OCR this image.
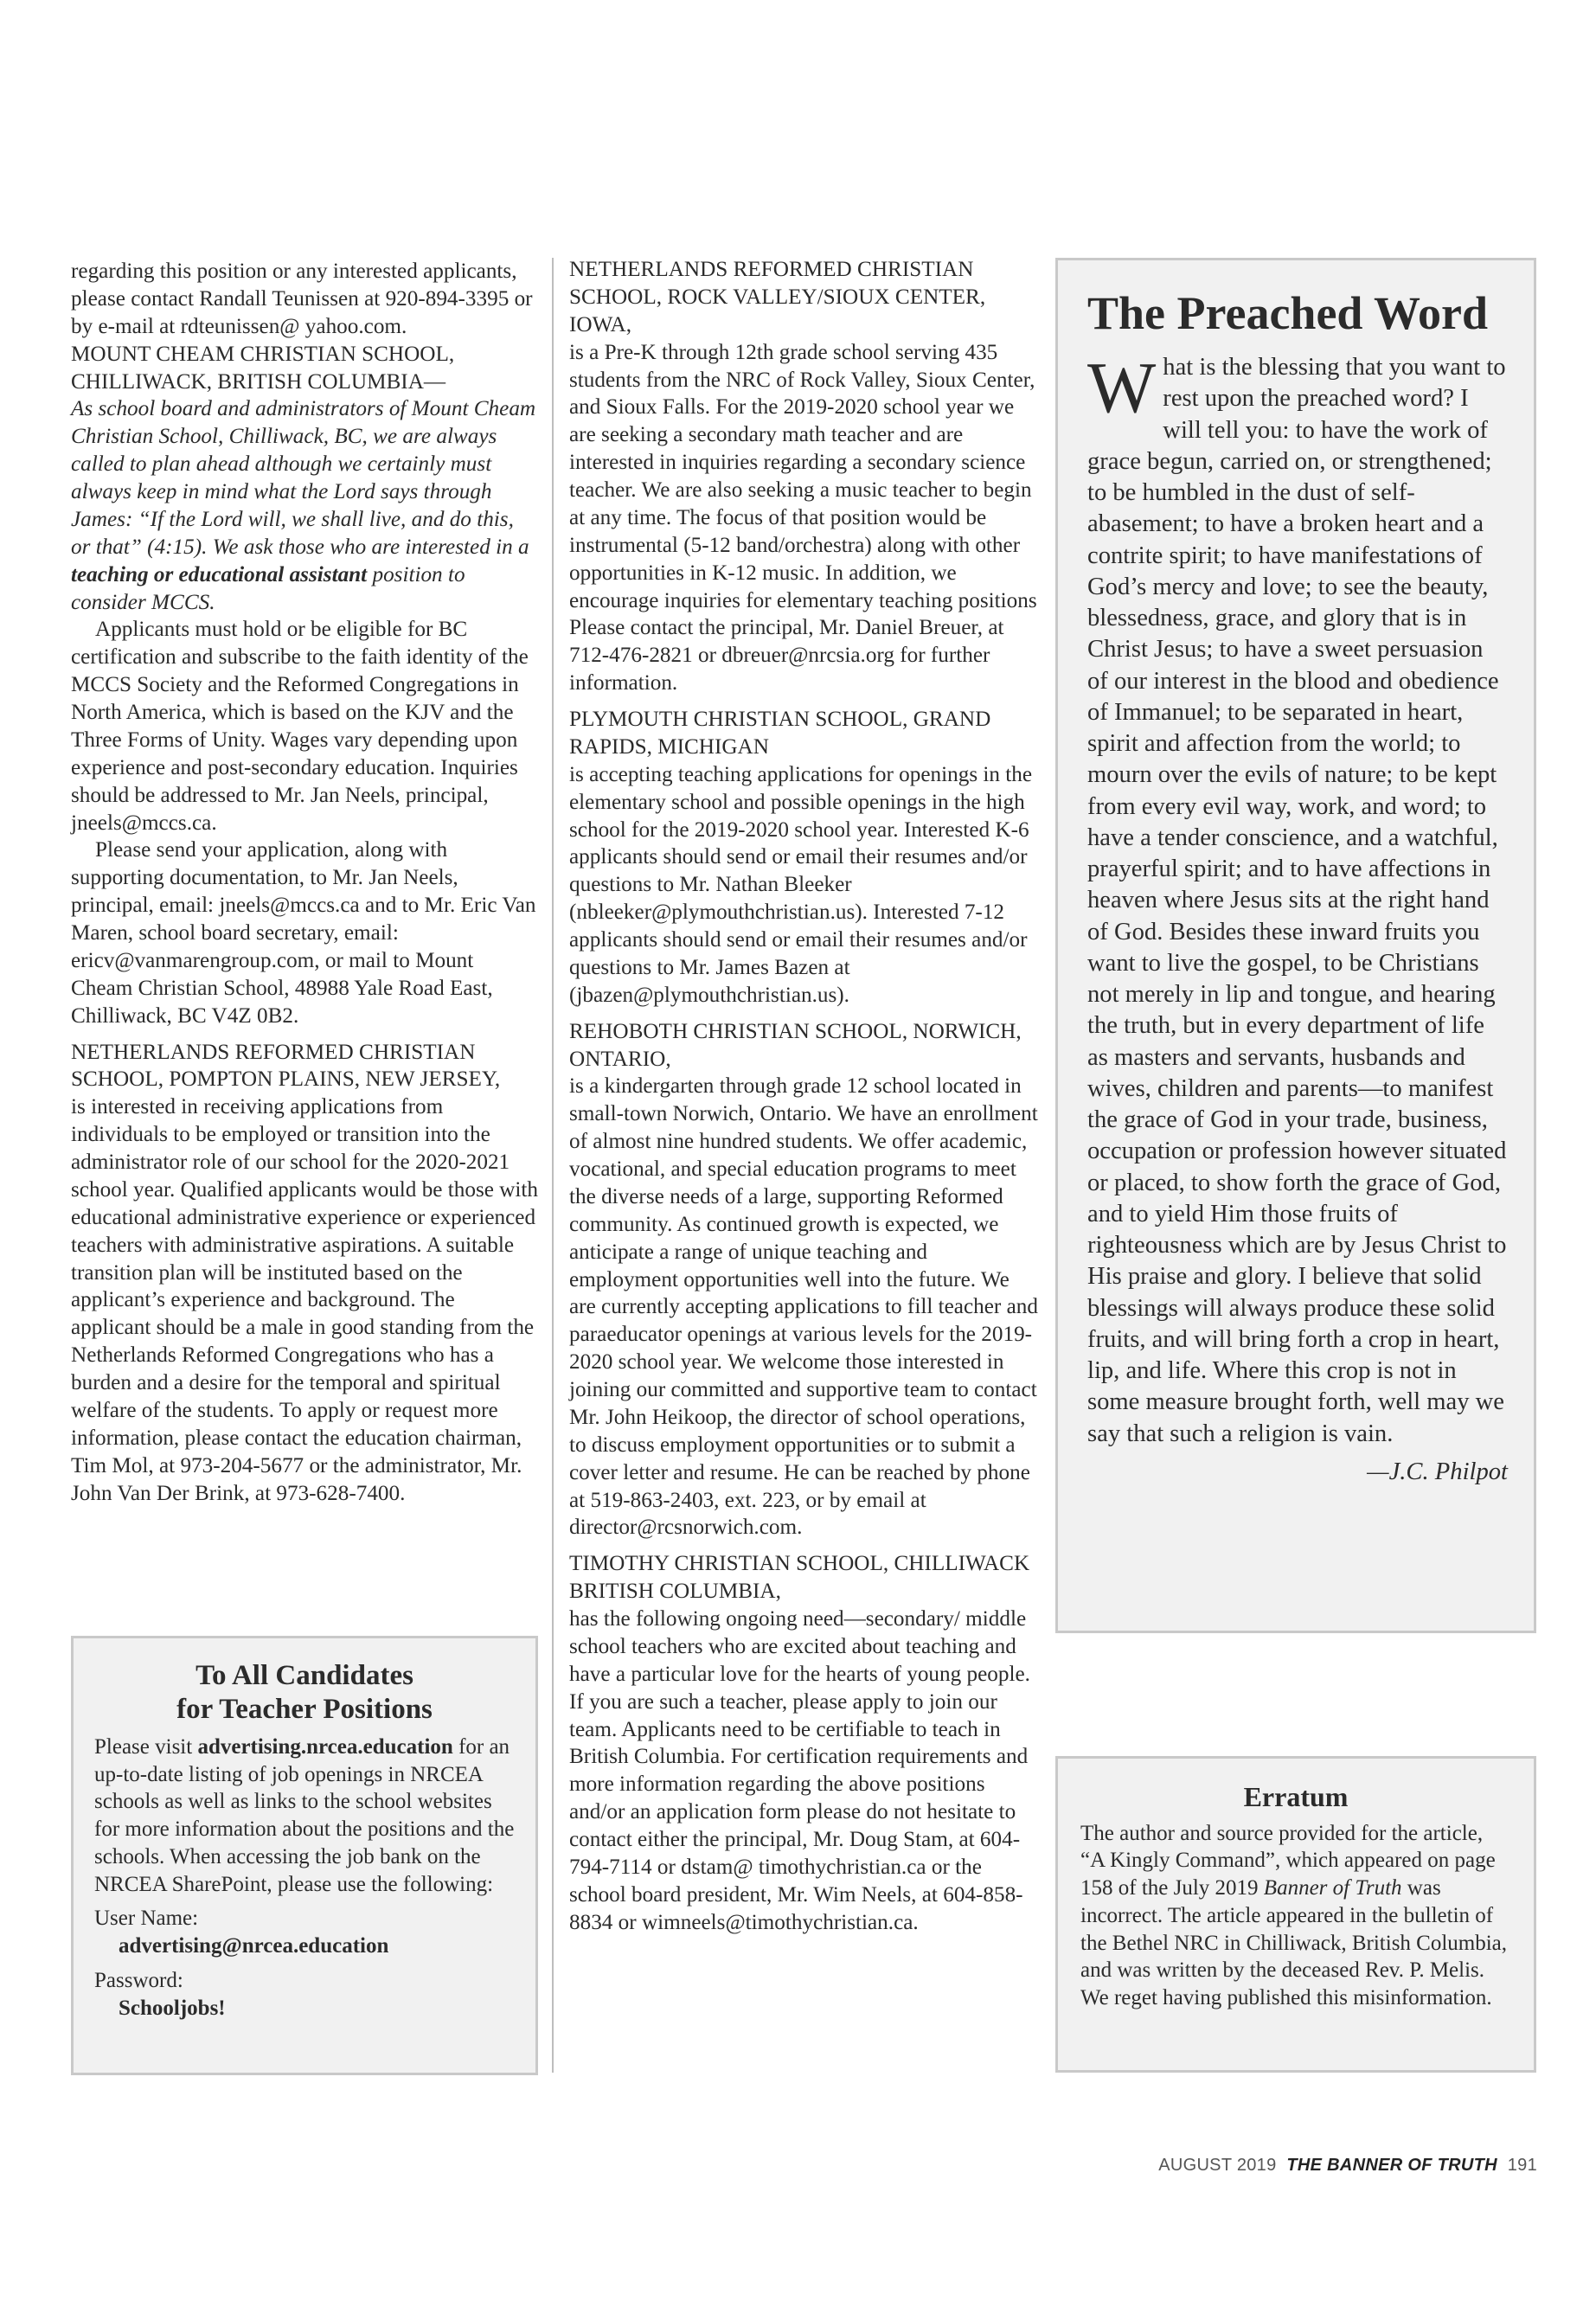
regarding this position or any interested applicants, please contact Randall Teunissen at 920-894-3395 or by e-mail at rdteunissen@ yahoo.com.

MOUNT CHEAM CHRISTIAN SCHOOL, CHILLIWACK, BRITISH COLUMBIA—

As school board and administrators of Mount Cheam Christian School, Chilliwack, BC, we are always called to plan ahead although we certainly must always keep in mind what the Lord says through James: “If the Lord will, we shall live, and do this, or that” (4:15). We ask those who are interested in a teaching or educational assistant position to consider MCCS.

Applicants must hold or be eligible for BC certification and subscribe to the faith identity of the MCCS Society and the Reformed Congregations in North America, which is based on the KJV and the Three Forms of Unity. Wages vary depending upon experience and post-secondary education. Inquiries should be addressed to Mr. Jan Neels, principal, jneels@mccs.ca.

Please send your application, along with supporting documentation, to Mr. Jan Neels, principal, email: jneels@mccs.ca and to Mr. Eric Van Maren, school board secretary, email: ericv@vanmarengroup.com, or mail to Mount Cheam Christian School, 48988 Yale Road East, Chilliwack, BC V4Z 0B2.

NETHERLANDS REFORMED CHRISTIAN SCHOOL, POMPTON PLAINS, NEW JERSEY,

is interested in receiving applications from individuals to be employed or transition into the administrator role of our school for the 2020-2021 school year. Qualified applicants would be those with educational administrative experience or experienced teachers with administrative aspirations. A suitable transition plan will be instituted based on the applicant’s experience and background. The applicant should be a male in good standing from the Netherlands Reformed Congregations who has a burden and a desire for the temporal and spiritual welfare of the students. To apply or request more information, please contact the education chairman, Tim Mol, at 973-204-5677 or the administrator, Mr. John Van Der Brink, at 973-628-7400.

NETHERLANDS REFORMED CHRISTIAN SCHOOL, ROCK VALLEY/SIOUX CENTER, IOWA,

is a Pre-K through 12th grade school serving 435 students from the NRC of Rock Valley, Sioux Center, and Sioux Falls. For the 2019-2020 school year we are seeking a secondary math teacher and are interested in inquiries regarding a secondary science teacher. We are also seeking a music teacher to begin at any time. The focus of that position would be instrumental (5-12 band/orchestra) along with other opportunities in K-12 music. In addition, we encourage inquiries for elementary teaching positions Please contact the principal, Mr. Daniel Breuer, at 712-476-2821 or dbreuer@nrcsia.org for further information.

PLYMOUTH CHRISTIAN SCHOOL, GRAND RAPIDS, MICHIGAN

is accepting teaching applications for openings in the elementary school and possible openings in the high school for the 2019-2020 school year. Interested K-6 applicants should send or email their resumes and/or questions to Mr. Nathan Bleeker (nbleeker@plymouthchristian.us). Interested 7-12 applicants should send or email their resumes and/or questions to Mr. James Bazen at (jbazen@plymouthchristian.us).

REHOBOTH CHRISTIAN SCHOOL, NORWICH, ONTARIO,

is a kindergarten through grade 12 school located in small-town Norwich, Ontario. We have an enrollment of almost nine hundred students. We offer academic, vocational, and special education programs to meet the diverse needs of a large, supporting Reformed community. As continued growth is expected, we anticipate a range of unique teaching and employment opportunities well into the future. We are currently accepting applications to fill teacher and paraeducator openings at various levels for the 2019-2020 school year. We welcome those interested in joining our committed and supportive team to contact Mr. John Heikoop, the director of school operations, to discuss employment opportunities or to submit a cover letter and resume. He can be reached by phone at 519-863-2403, ext. 223, or by email at director@rcsnorwich.com.

TIMOTHY CHRISTIAN SCHOOL, CHILLIWACK BRITISH COLUMBIA,

has the following ongoing need—secondary/ middle school teachers who are excited about teaching and have a particular love for the hearts of young people. If you are such a teacher, please apply to join our team. Applicants need to be certifiable to teach in British Columbia. For certification requirements and more information regarding the above positions and/or an application form please do not hesitate to contact either the principal, Mr. Doug Stam, at 604-794-7114 or dstam@ timothychristian.ca or the school board president, Mr. Wim Neels, at 604-858-8834 or wimneels@timothychristian.ca.

To All Candidates
for Teacher Positions

Please visit advertising.nrcea.education for an up-to-date listing of job openings in NRCEA schools as well as links to the school websites for more information about the positions and the schools. When accessing the job bank on the NRCEA SharePoint, please use the following:

User Name:

advertising@nrcea.education

Password:

Schooljobs!

The Preached Word

What is the blessing that you want to rest upon the preached word? I will tell you: to have the work of grace begun, carried on, or strengthened; to be humbled in the dust of self-abasement; to have a broken heart and a contrite spirit; to have manifestations of God’s mercy and love; to see the beauty, blessedness, grace, and glory that is in Christ Jesus; to have a sweet persuasion of our interest in the blood and obedience of Immanuel; to be separated in heart, spirit and affection from the world; to mourn over the evils of nature; to be kept from every evil way, work, and word; to have a tender conscience, and a watchful, prayerful spirit; and to have affections in heaven where Jesus sits at the right hand of God. Besides these inward fruits you want to live the gospel, to be Christians not merely in lip and tongue, and hearing the truth, but in every department of life as masters and servants, husbands and wives, children and parents—to manifest the grace of God in your trade, business, occupation or profession however situated or placed, to show forth the grace of God, and to yield Him those fruits of righteousness which are by Jesus Christ to His praise and glory. I believe that solid blessings will always produce these solid fruits, and will bring forth a crop in heart, lip, and life. Where this crop is not in some measure brought forth, well may we say that such a religion is vain.

—J.C. Philpot

Erratum

The author and source provided for the article, “A Kingly Command”, which appeared on page 158 of the July 2019 Banner of Truth was incorrect. The article appeared in the bulletin of the Bethel NRC in Chilliwack, British Columbia, and was written by the deceased Rev. P. Melis. We reget having published this misinformation.

AUGUST 2019 THE BANNER OF TRUTH 191
